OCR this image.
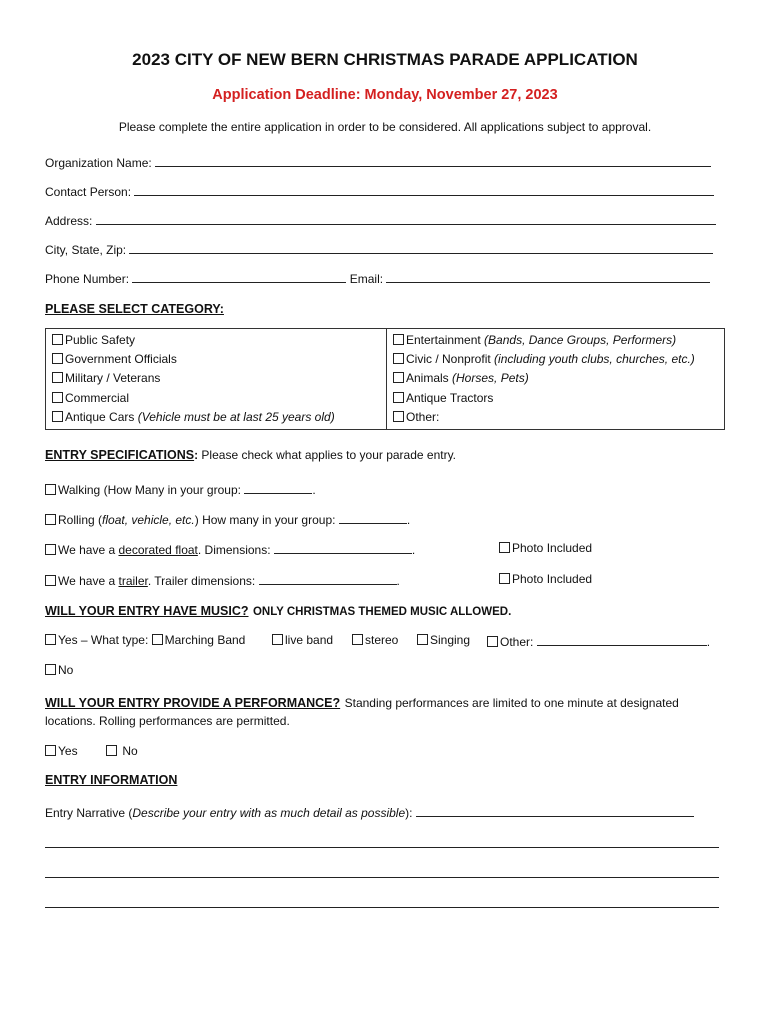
2023 CITY OF NEW BERN CHRISTMAS PARADE APPLICATION
Application Deadline: Monday, November 27, 2023
Please complete the entire application in order to be considered. All applications subject to approval.
Organization Name:
Contact Person:
Address:
City, State, Zip:
Phone Number:	Email:
PLEASE SELECT CATEGORY:
Public Safety
Government Officials
Military / Veterans
Commercial
Antique Cars (Vehicle must be at last 25 years old)

Entertainment (Bands, Dance Groups, Performers)
Civic / Nonprofit (including youth clubs, churches, etc.)
Animals (Horses, Pets)
Antique Tractors
Other:
ENTRY SPECIFICATIONS: Please check what applies to your parade entry.
Walking (How Many in your group:	.
Rolling (float, vehicle, etc.) How many in your group:	.
We have a decorated float. Dimensions:	.	Photo Included
We have a trailer. Trailer dimensions:	.	Photo Included
WILL YOUR ENTRY HAVE MUSIC? ONLY CHRISTMAS THEMED MUSIC ALLOWED.
Yes – What type: Marching Band	live band	stereo	Singing	Other:	.
No
WILL YOUR ENTRY PROVIDE A PERFORMANCE? Standing performances are limited to one minute at designated
locations. Rolling performances are permitted.
Yes	No
ENTRY INFORMATION
Entry Narrative (Describe your entry with as much detail as possible):
